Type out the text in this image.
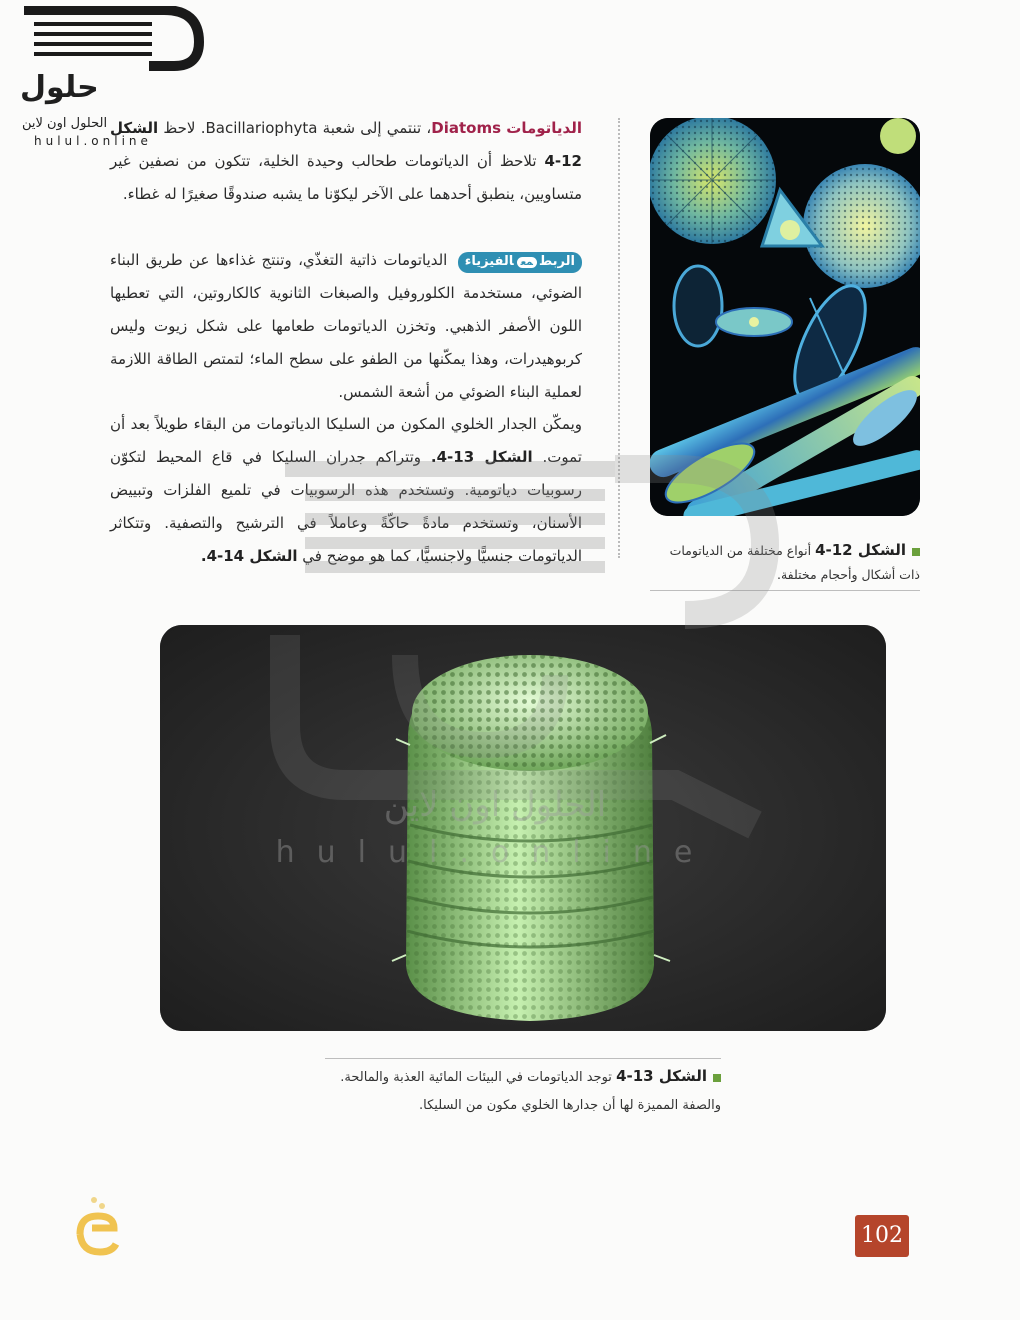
حلول
الحلول اون لاين
hulul.online
الدياتومات Diatoms، تنتمي إلى شعبة Bacillariophyta. لاحظ الشكل 12-4 تلاحظ أن الدياتومات طحالب وحيدة الخلية، تتكون من نصفين غير متساويين، ينطبق أحدهما على الآخر ليكوّنا ما يشبه صندوقًا صغيرًا له غطاء.
الربطمعالفيزياء الدياتومات ذاتية التغذّي، وتنتج غذاءها عن طريق البناء الضوئي، مستخدمة الكلوروفيل والصبغات الثانوية كالكاروتين، التي تعطيها اللون الأصفر الذهبي. وتخزن الدياتومات طعامها على شكل زيوت وليس كربوهيدرات، وهذا يمكّنها من الطفو على سطح الماء؛ لتمتص الطاقة اللازمة لعملية البناء الضوئي من أشعة الشمس.
ويمكّن الجدار الخلوي المكون من السليكا الدياتومات من البقاء طويلاً بعد أن تموت. الشكل 13-4. وتتراكم جدران السليكا في قاع المحيط لتكوّن رسوبيات دياتومية. وتستخدم هذه الرسوبيات في تلميع الفلزات وتبييض الأسنان، وتستخدم مادةً حاكّةً وعاملاً في الترشيح والتصفية. وتتكاثر الدياتومات جنسيًّا ولاجنسيًّا، كما هو موضح في الشكل 14-4.	الشكل 12-4 أنواع مختلفة من الدياتومات ذات أشكال وأحجام مختلفة.
الشكل 13-4 توجد الدياتومات في البيئات المائية العذبة والمالحة. والصفة المميزة لها أن جدارها الخلوي مكون من السليكا.
الحلول اون لاين
hulul.online
102
